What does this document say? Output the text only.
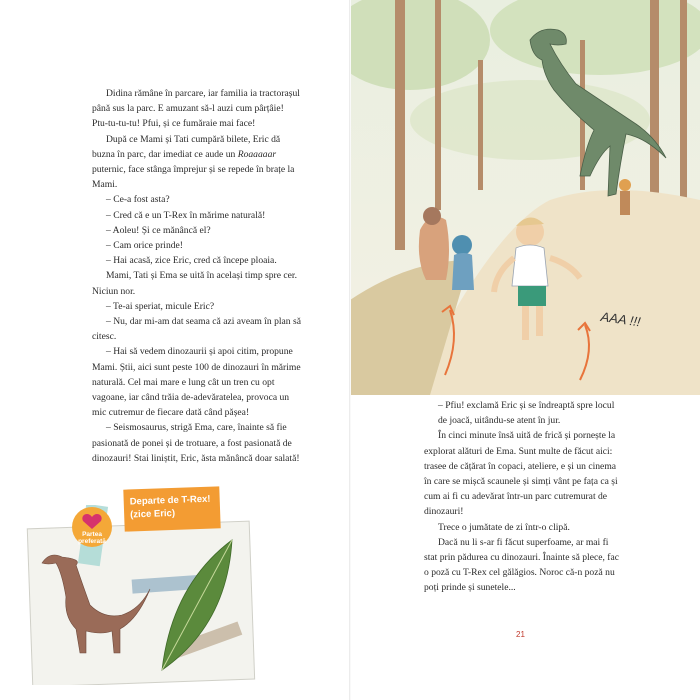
Didina rămâne în parcare, iar familia ia tractorașul până sus la parc. E amuzant să-l auzi cum pârțâie! Ptu-tu-tu-tu! Pfui, și ce fumăraie mai face!

După ce Mami și Tati cumpără bilete, Eric dă buzna în parc, dar imediat ce aude un Roaaaaar puternic, face stânga împrejur și se repede în brațe la Mami.

– Ce-a fost asta?

– Cred că e un T-Rex în mărime naturală!

– Aoleu! Și ce mănâncă el?

– Cam orice prinde!

– Hai acasă, zice Eric, cred că începe ploaia.

Mami, Tati și Ema se uită în același timp spre cer. Niciun nor.

– Te-ai speriat, micule Eric?

– Nu, dar mi-am dat seama că azi aveam în plan să citesc.

– Hai să vedem dinozaurii și apoi citim, propune Mami. Știi, aici sunt peste 100 de dinozauri în mărime naturală. Cel mai mare e lung cât un tren cu opt vagoane, iar când trăia de-adevăratelea, provoca un mic cutremur de fiecare dată când pășea!

– Seismosaurus, strigă Ema, care, înainte să fie pasionată de ponei și de trotuare, a fost pasionată de dinozauri! Stai liniștit, Eric, ăsta mănâncă doar salată!

Partea
preferată
Departe de T-Rex! (zice Eric)
AAA !!!

– Pfiu! exclamă Eric și se îndreaptă spre locul de joacă, uitându-se atent în jur.

În cinci minute însă uită de frică și pornește la explorat alături de Ema. Sunt multe de făcut aici: trasee de cățărat în copaci, ateliere, e și un cinema în care se mișcă scaunele și simți vânt pe fața ca și cum ai fi cu adevărat într-un parc cutremurat de dinozauri!

Trece o jumătate de zi într-o clipă.

Dacă nu li s-ar fi făcut superfoame, ar mai fi stat prin pădurea cu dinozauri. Înainte să plece, fac o poză cu T-Rex cel gălăgios. Noroc că-n poză nu poți prinde și sunetele...

21
